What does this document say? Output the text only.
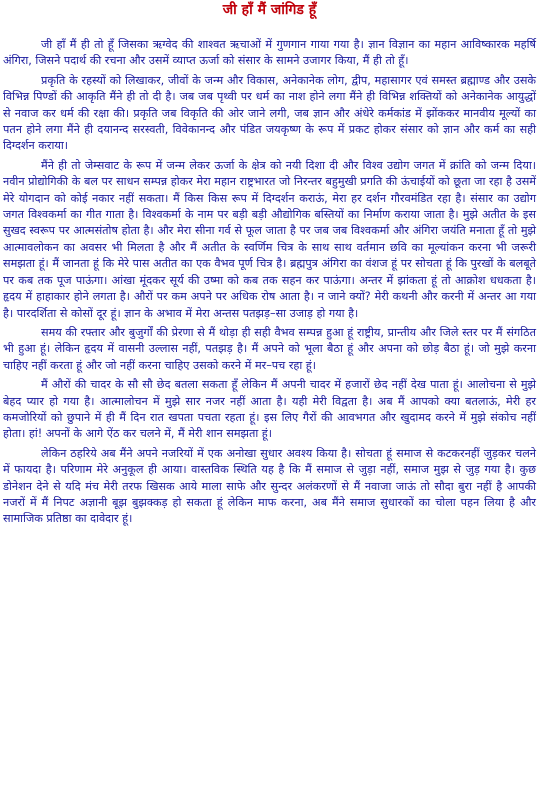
जी हाँ मैं जांगिड हूँ

जी हाँ मैं ही तो हूँ जिसका ऋग्वेद की शाश्वत ऋचाओं में गुणगान गाया गया है। ज्ञान विज्ञान का महान आविष्कारक महर्षि अंगिरा, जिसने पदार्थ की रचना और उसमें व्याप्त ऊर्जा को संसार के सामने उजागर किया, मैं ही तो हूँ।

प्रकृति के रहस्यों को लिखाकर, जीवों के जन्म और विकास, अनेकानेक लोग, द्वीप, महासागर एवं समस्त ब्रह्माण्ड और उसके विभिन्न पिण्डों की आकृति मैंने ही तो दी है। जब जब पृथ्वी पर धर्म का नाश होने लगा मैंने ही विभिन्न शक्तियों को अनेकानेक आयुद्धों से नवाज कर धर्म की रक्षा की। प्रकृति जब विकृति की ओर जाने लगी, जब ज्ञान और अंधेरे कर्मकांड में झोंककर मानवीय मूल्यों का पतन होने लगा मैंने ही दयानन्द सरस्वती, विवेकानन्द और पंडित जयकृष्ण के रूप में प्रकट होकर संसार को ज्ञान और कर्म का सही दिग्दर्शन कराया।

मैंने ही तो जेम्सवाट के रूप में जन्म लेकर ऊर्जा के क्षेत्र को नयी दिशा दी और विश्व उद्योग जगत में क्रांति को जन्म दिया। नवीन प्रोद्योगिकी के बल पर साधन सम्पन्न होकर मेरा महान राष्ट्रभारत जो निरन्तर बहुमुखी प्रगति की ऊंचाईयों को छूता जा रहा है उसमें मेरे योगदान को कोई नकार नहीं सकता। मैं किस किस रूप में दिग्दर्शन कराऊं, मेरा हर दर्शन गौरवमंडित रहा है। संसार का उद्योग जगत विश्वकर्मा का गीत गाता है। विश्वकर्मा के नाम पर बड़ी बड़ी औद्योगिक बस्तियों का निर्माण कराया जाता है। मुझे अतीत के इस सुखद स्वरूप पर आत्मसंतोष होता है। और मेरा सीना गर्व से फूल जाता है पर जब जब विश्वकर्मा और अंगिरा जयंति मनाता हूँ तो मुझे आत्मावलोकन का अवसर भी मिलता है और मैं अतीत के स्वर्णिम चित्र के साथ साथ वर्तमान छवि का मूल्यांकन करना भी जरूरी समझता हूं। मैं जानता हूं कि मेरे पास अतीत का एक वैभव पूर्ण चित्र है। ब्रह्मपुत्र अंगिरा का वंशज हूं पर सोचता हूं कि पुरखों के बलबूते पर कब तक पूज पाऊंगा। आंखा मूंदकर सूर्य की उष्मा को कब तक सहन कर पाऊंगा। अन्तर में झांकता हूं तो आक्रोश धधकता है। हृदय में हाहाकार होने लगता है। औरों पर कम अपने पर अधिक रोष आता है। न जाने क्यों? मेरी कथनी और करनी में अन्तर आ गया है। पारदर्शिता से कोसों दूर हूं। ज्ञान के अभाव में मेरा अन्तस पतझड़–सा उजाड़ हो गया है।

समय की रफ्तार और बुजुर्गों की प्रेरणा से मैं थोड़ा ही सही वैभव सम्पन्न हुआ हूं राष्ट्रीय, प्रान्तीय और जिले स्तर पर मैं संगठित भी हुआ हूं। लेकिन हृदय में वासनी उल्लास नहीं, पतझड़ है। मैं अपने को भूला बैठा हूं और अपना को छोड़ बैठा हूं। जो मुझे करना चाहिए नहीं करता हूं और जो नहीं करना चाहिए उसको करने में मर–पच रहा हूं।

मैं औरों की चादर के सौ सौ छेद बतला सकता हूँ लेकिन मैं अपनी चादर में हजारों छेद नहीं देख पाता हूं। आलोचना से मुझे बेहद प्यार हो गया है। आत्मालोचन में मुझे सार नजर नहीं आता है। यही मेरी विद्वता है। अब मैं आपको क्या बतलाऊं, मेरी हर कमजोरियों को छुपाने में ही मैं दिन रात खपता पचता रहता हूं। इस लिए गैरों की आवभगत और खुदामद करने में मुझे संकोच नहीं होता। हां! अपनों के आगे ऐंठ कर चलने में, मैं मेरी शान समझता हूं।

लेकिन ठहरिये अब मैंने अपने नजरियों में एक अनोखा सुधार अवश्य किया है। सोचता हूं समाज से कटकरनहीं जुड़कर चलने में फायदा है। परिणाम मेरे अनुकूल ही आया। वास्तविक स्थिति यह है कि मैं समाज से जुड़ा नहीं, समाज मुझ से जुड़ गया है। कुछ डोनेशन देने से यदि मंच मेरी तरफ खिसक आये माला साफे और सुन्दर अलंकरणों से मैं नवाजा जाऊं तो सौदा बुरा नहीं है आपकी नजरों में मैं निपट अज्ञानी बूझ बुझक्कड़ हो सकता हूं लेकिन माफ करना, अब मैंने समाज सुधारकों का चोला पहन लिया है और सामाजिक प्रतिष्ठा का दावेदार हूं।
